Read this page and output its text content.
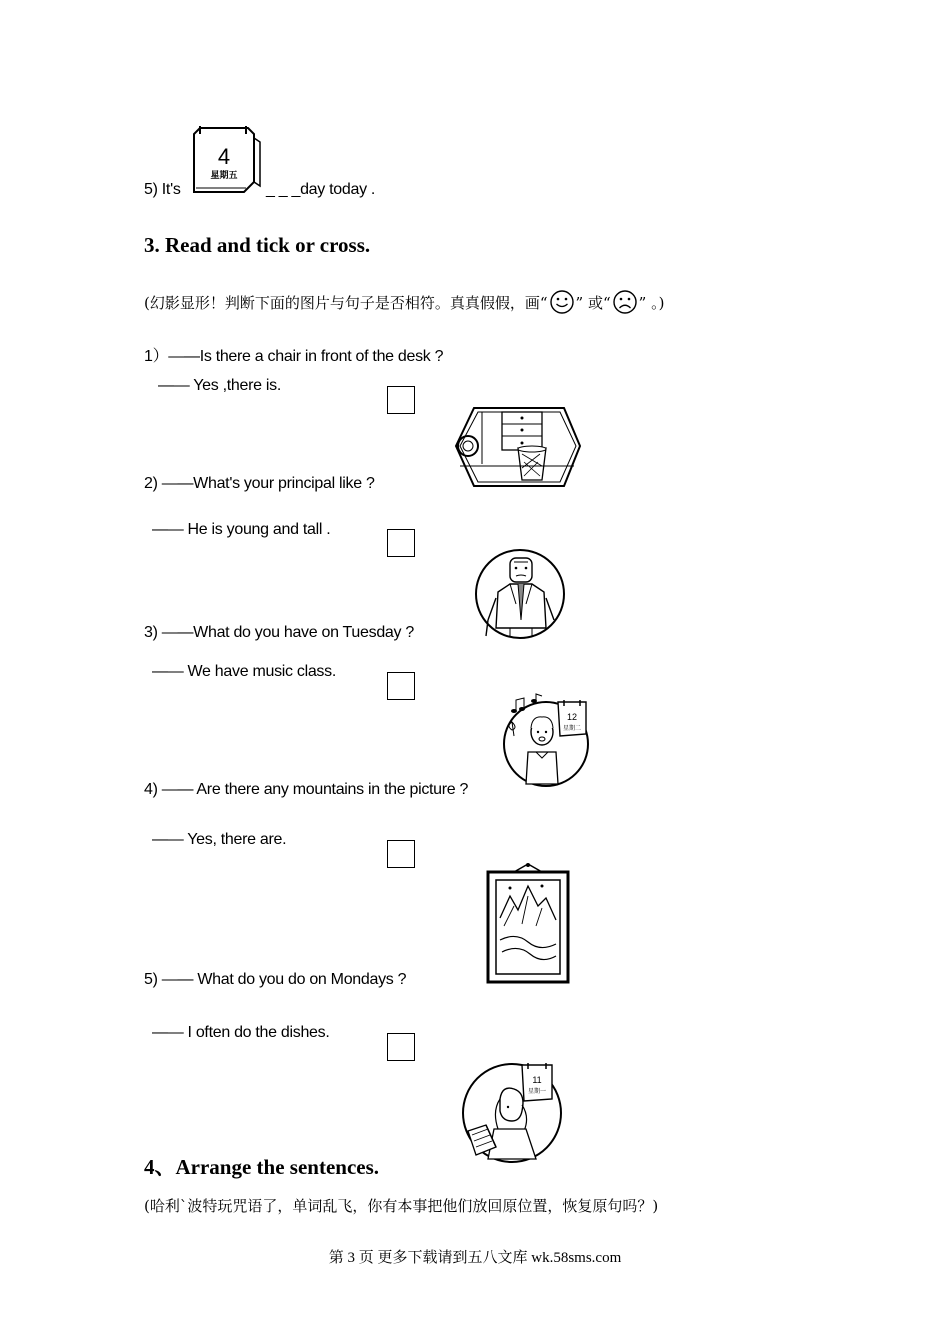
5) It's
4
星期五
_ _ _day today .
3. Read and tick or cross.
(幻影显形！判断下面的图片与句子是否相符。真真假假，画“ ” 或“ ” 。)
1）——Is there a chair in front of the desk ?
—— Yes ,there is.
2) ——What's your principal like ?
—— He is young and tall .
3) ——What do you have on Tuesday ?
—— We have music class.
12
星期二
4) —— Are there any mountains in the picture ?
—— Yes, there are.
5) —— What do you do on Mondays ?
—— I often do the dishes.
11
星期一
4、Arrange the sentences.
(哈利`波特玩咒语了，单词乱飞，你有本事把他们放回原位置，恢复原句吗？)
第 3 页 更多下载请到五八文库 wk.58sms.com
